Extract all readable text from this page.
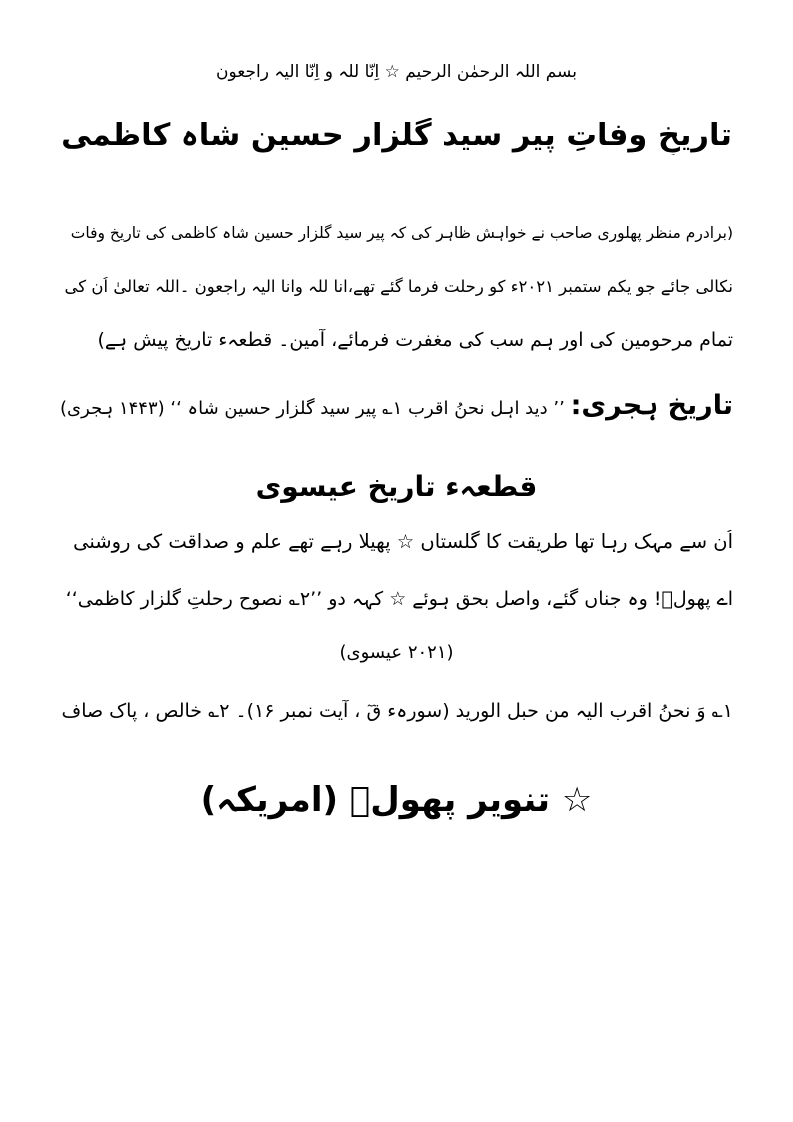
بسم اللہ الرحمٰن الرحیم ☆ اِنّا للہ و اِنّا الیہ راجعون
تاریخِ وفاتِ پیر سید گلزار حسین شاہ کاظمی
(برادرم منظر پھلوری صاحب نے خواہش ظاہر کی کہ پیر سید گلزار حسین شاہ کاظمی کی تاریخ وفات
نکالی جائے جو یکم ستمبر ۲۰۲۱ء کو رحلت فرما گئے تھے،انا للہ وانا الیہ راجعون ۔اللہ تعالیٰ اُن کی
تمام مرحومین کی اور ہم سب کی مغفرت فرمائے، آمین۔ قطعہء تاریخ پیش ہے)
تاریخِ ہجری: ’’ دید اہل نحنُ اقرب ۱؎ پیر سید گلزار حسین شاہ ‘‘ (۱۴۴۳ ہجری)
قطعہء تاریخِ عیسوی
اُن سے مہک رہا تھا طریقت کا گلستاں ☆ پھیلا رہے تھے علم و صداقت کی روشنی
اے پھولؔ! وہ جناں گئے، واصل بحق ہوئے ☆ کہہ دو ’’۲؎ نصوح رحلتِ گلزار کاظمی‘‘
(۲۰۲۱ عیسوی)
۱؎ وَ نحنُ اقرب الیہ من حبل الورید (سورہء قٓ ، آیت نمبر ۱۶)۔ ۲؎ خالص ، پاک صاف
☆ تنویر پھولؔ (امریکہ)
